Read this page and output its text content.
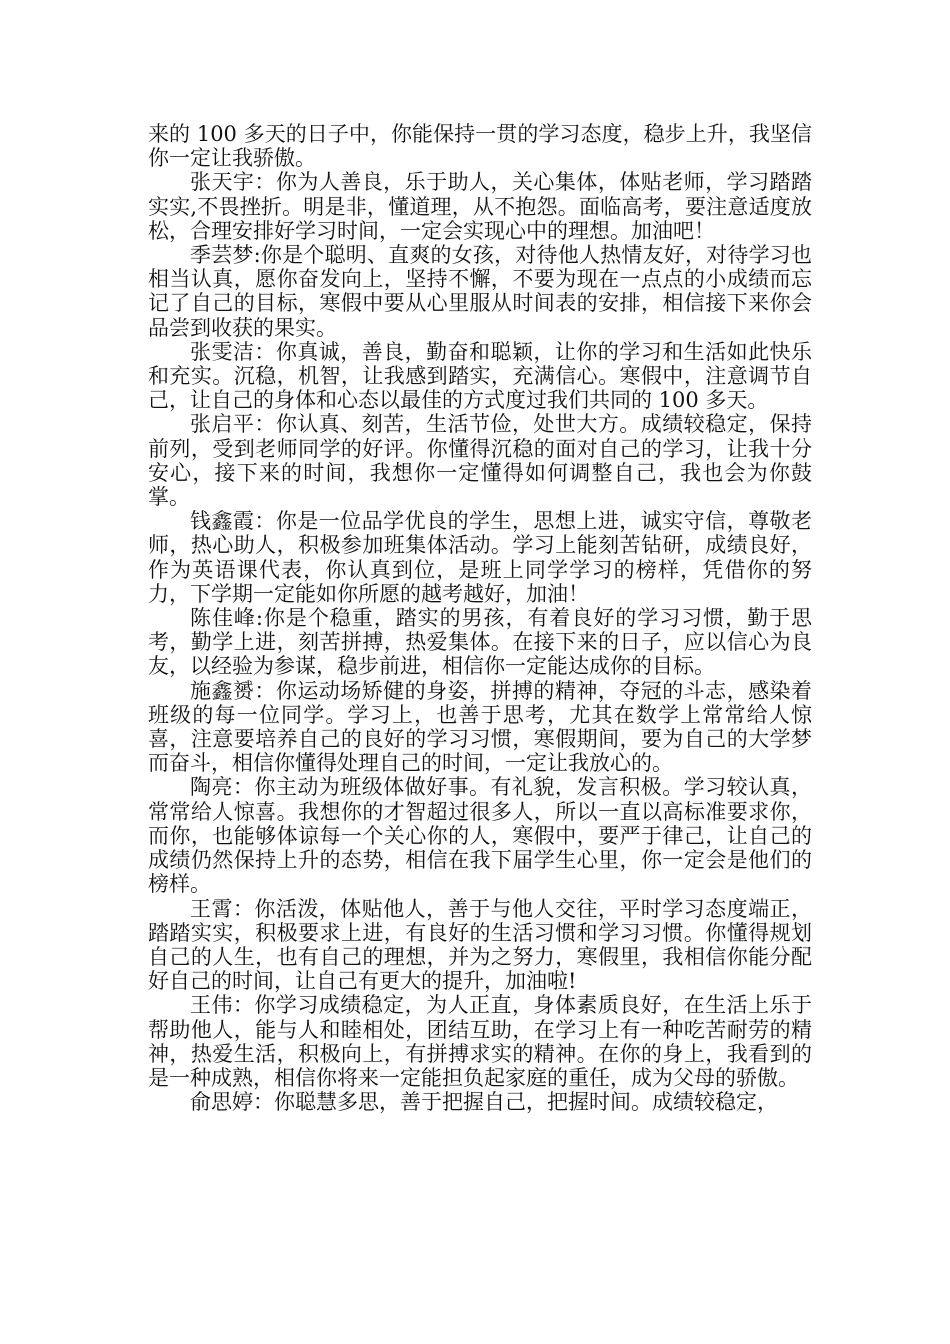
来的 100 多天的日子中，你能保持一贯的学习态度，稳步上升，我坚信你一定让我骄傲。

张天宇：你为人善良，乐于助人，关心集体，体贴老师，学习踏踏实实,不畏挫折。明是非，懂道理，从不抱怨。面临高考，要注意适度放松，合理安排好学习时间，一定会实现心中的理想。加油吧！

季芸梦:你是个聪明、直爽的女孩，对待他人热情友好，对待学习也相当认真，愿你奋发向上，坚持不懈，不要为现在一点点的小成绩而忘记了自己的目标，寒假中要从心里服从时间表的安排，相信接下来你会品尝到收获的果实。

张雯洁：你真诚，善良，勤奋和聪颖，让你的学习和生活如此快乐和充实。沉稳，机智，让我感到踏实，充满信心。寒假中，注意调节自己，让自己的身体和心态以最佳的方式度过我们共同的 100 多天。

张启平：你认真、刻苦，生活节俭，处世大方。成绩较稳定，保持前列，受到老师同学的好评。你懂得沉稳的面对自己的学习，让我十分安心，接下来的时间，我想你一定懂得如何调整自己，我也会为你鼓掌。

钱鑫霞：你是一位品学优良的学生，思想上进，诚实守信，尊敬老师，热心助人，积极参加班集体活动。学习上能刻苦钻研，成绩良好，作为英语课代表，你认真到位，是班上同学学习的榜样，凭借你的努力，下学期一定能如你所愿的越考越好，加油！

陈佳峰:你是个稳重，踏实的男孩，有着良好的学习习惯，勤于思考，勤学上进，刻苦拼搏，热爱集体。在接下来的日子，应以信心为良友，以经验为参谋，稳步前进，相信你一定能达成你的目标。

施鑫赟：你运动场矫健的身姿，拼搏的精神，夺冠的斗志，感染着班级的每一位同学。学习上，也善于思考，尤其在数学上常常给人惊喜，注意要培养自己的良好的学习习惯，寒假期间，要为自己的大学梦而奋斗，相信你懂得处理自己的时间，一定让我放心的。

陶亮：你主动为班级体做好事。有礼貌，发言积极。学习较认真，常常给人惊喜。我想你的才智超过很多人，所以一直以高标准要求你，而你，也能够体谅每一个关心你的人，寒假中，要严于律己，让自己的成绩仍然保持上升的态势，相信在我下届学生心里，你一定会是他们的榜样。

王霄：你活泼，体贴他人，善于与他人交往，平时学习态度端正，踏踏实实，积极要求上进，有良好的生活习惯和学习习惯。你懂得规划自己的人生，也有自己的理想，并为之努力，寒假里，我相信你能分配好自己的时间，让自己有更大的提升，加油啦!

王伟：你学习成绩稳定，为人正直，身体素质良好，在生活上乐于帮助他人，能与人和睦相处，团结互助，在学习上有一种吃苦耐劳的精神，热爱生活，积极向上，有拼搏求实的精神。在你的身上，我看到的是一种成熟，相信你将来一定能担负起家庭的重任，成为父母的骄傲。

俞思婷：你聪慧多思，善于把握自己，把握时间。成绩较稳定，
